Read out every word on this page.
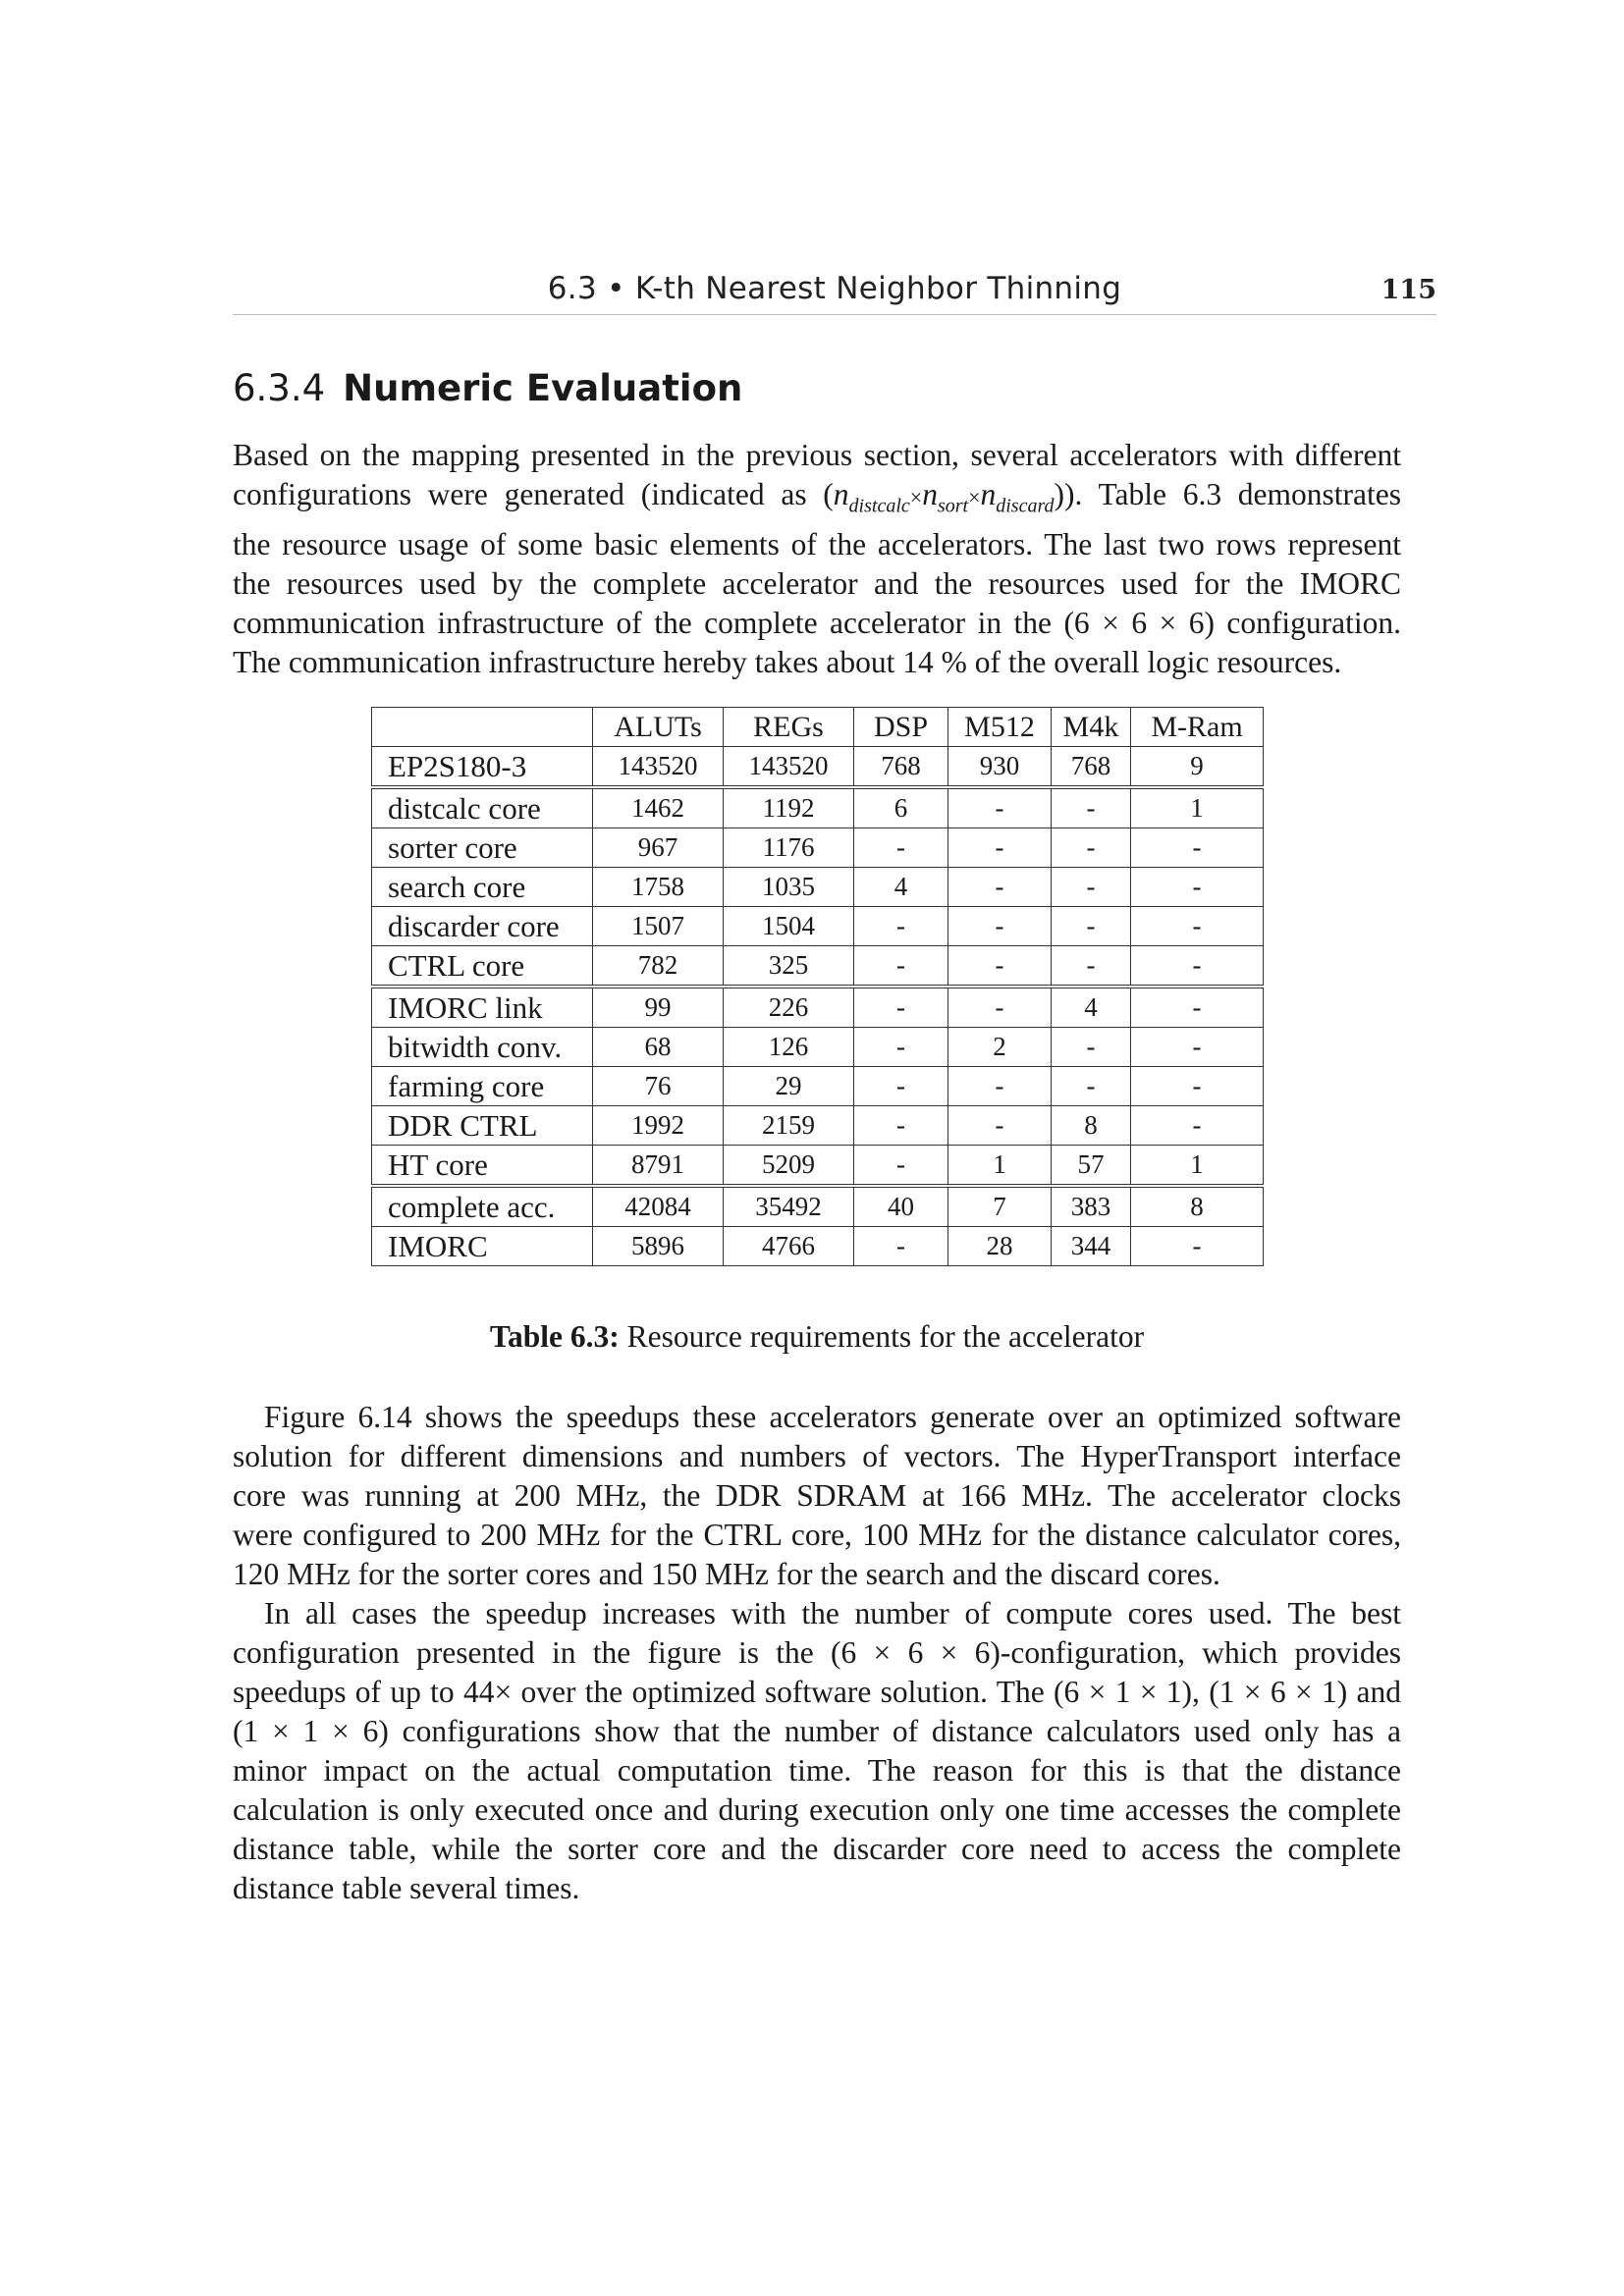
6.3 • K-th Nearest Neighbor Thinning	115
6.3.4 Numeric Evaluation
Based on the mapping presented in the previous section, several accelerators with different
configurations were generated (indicated as $(n_{distcalc}\times n_{sort}\times n_{discard})$). Table 6.3 demonstrates
the resource usage of some basic elements of the accelerators. The last two rows represent
the resources used by the complete accelerator and the resources used for the IMORC
communication infrastructure of the complete accelerator in the (6 × 6 × 6) configuration.
The communication infrastructure hereby takes about 14 % of the overall logic resources.
	ALUTs	REGs	DSP	M512	M4k	M-Ram
EP2S180-3	143520	143520	768	930	768	9
distcalc core	1462	1192	6	-	-	1
sorter core	967	1176	-	-	-	-
search core	1758	1035	4	-	-	-
discarder core	1507	1504	-	-	-	-
CTRL core	782	325	-	-	-	-
IMORC link	99	226	-	-	4	-
bitwidth conv.	68	126	-	2	-	-
farming core	76	29	-	-	-	-
DDR CTRL	1992	2159	-	-	8	-
HT core	8791	5209	-	1	57	1
complete acc.	42084	35492	40	7	383	8
IMORC	5896	4766	-	28	344	-
Table 6.3: Resource requirements for the accelerator
Figure 6.14 shows the speedups these accelerators generate over an optimized software
solution for different dimensions and numbers of vectors. The HyperTransport interface
core was running at 200 MHz, the DDR SDRAM at 166 MHz. The accelerator clocks
were configured to 200 MHz for the CTRL core, 100 MHz for the distance calculator cores,
120 MHz for the sorter cores and 150 MHz for the search and the discard cores.
In all cases the speedup increases with the number of compute cores used. The best
configuration presented in the figure is the (6 × 6 × 6)-configuration, which provides
speedups of up to 44× over the optimized software solution. The (6 × 1 × 1), (1 × 6 × 1) and
(1 × 1 × 6) configurations show that the number of distance calculators used only has a
minor impact on the actual computation time. The reason for this is that the distance
calculation is only executed once and during execution only one time accesses the complete
distance table, while the sorter core and the discarder core need to access the complete
distance table several times.
